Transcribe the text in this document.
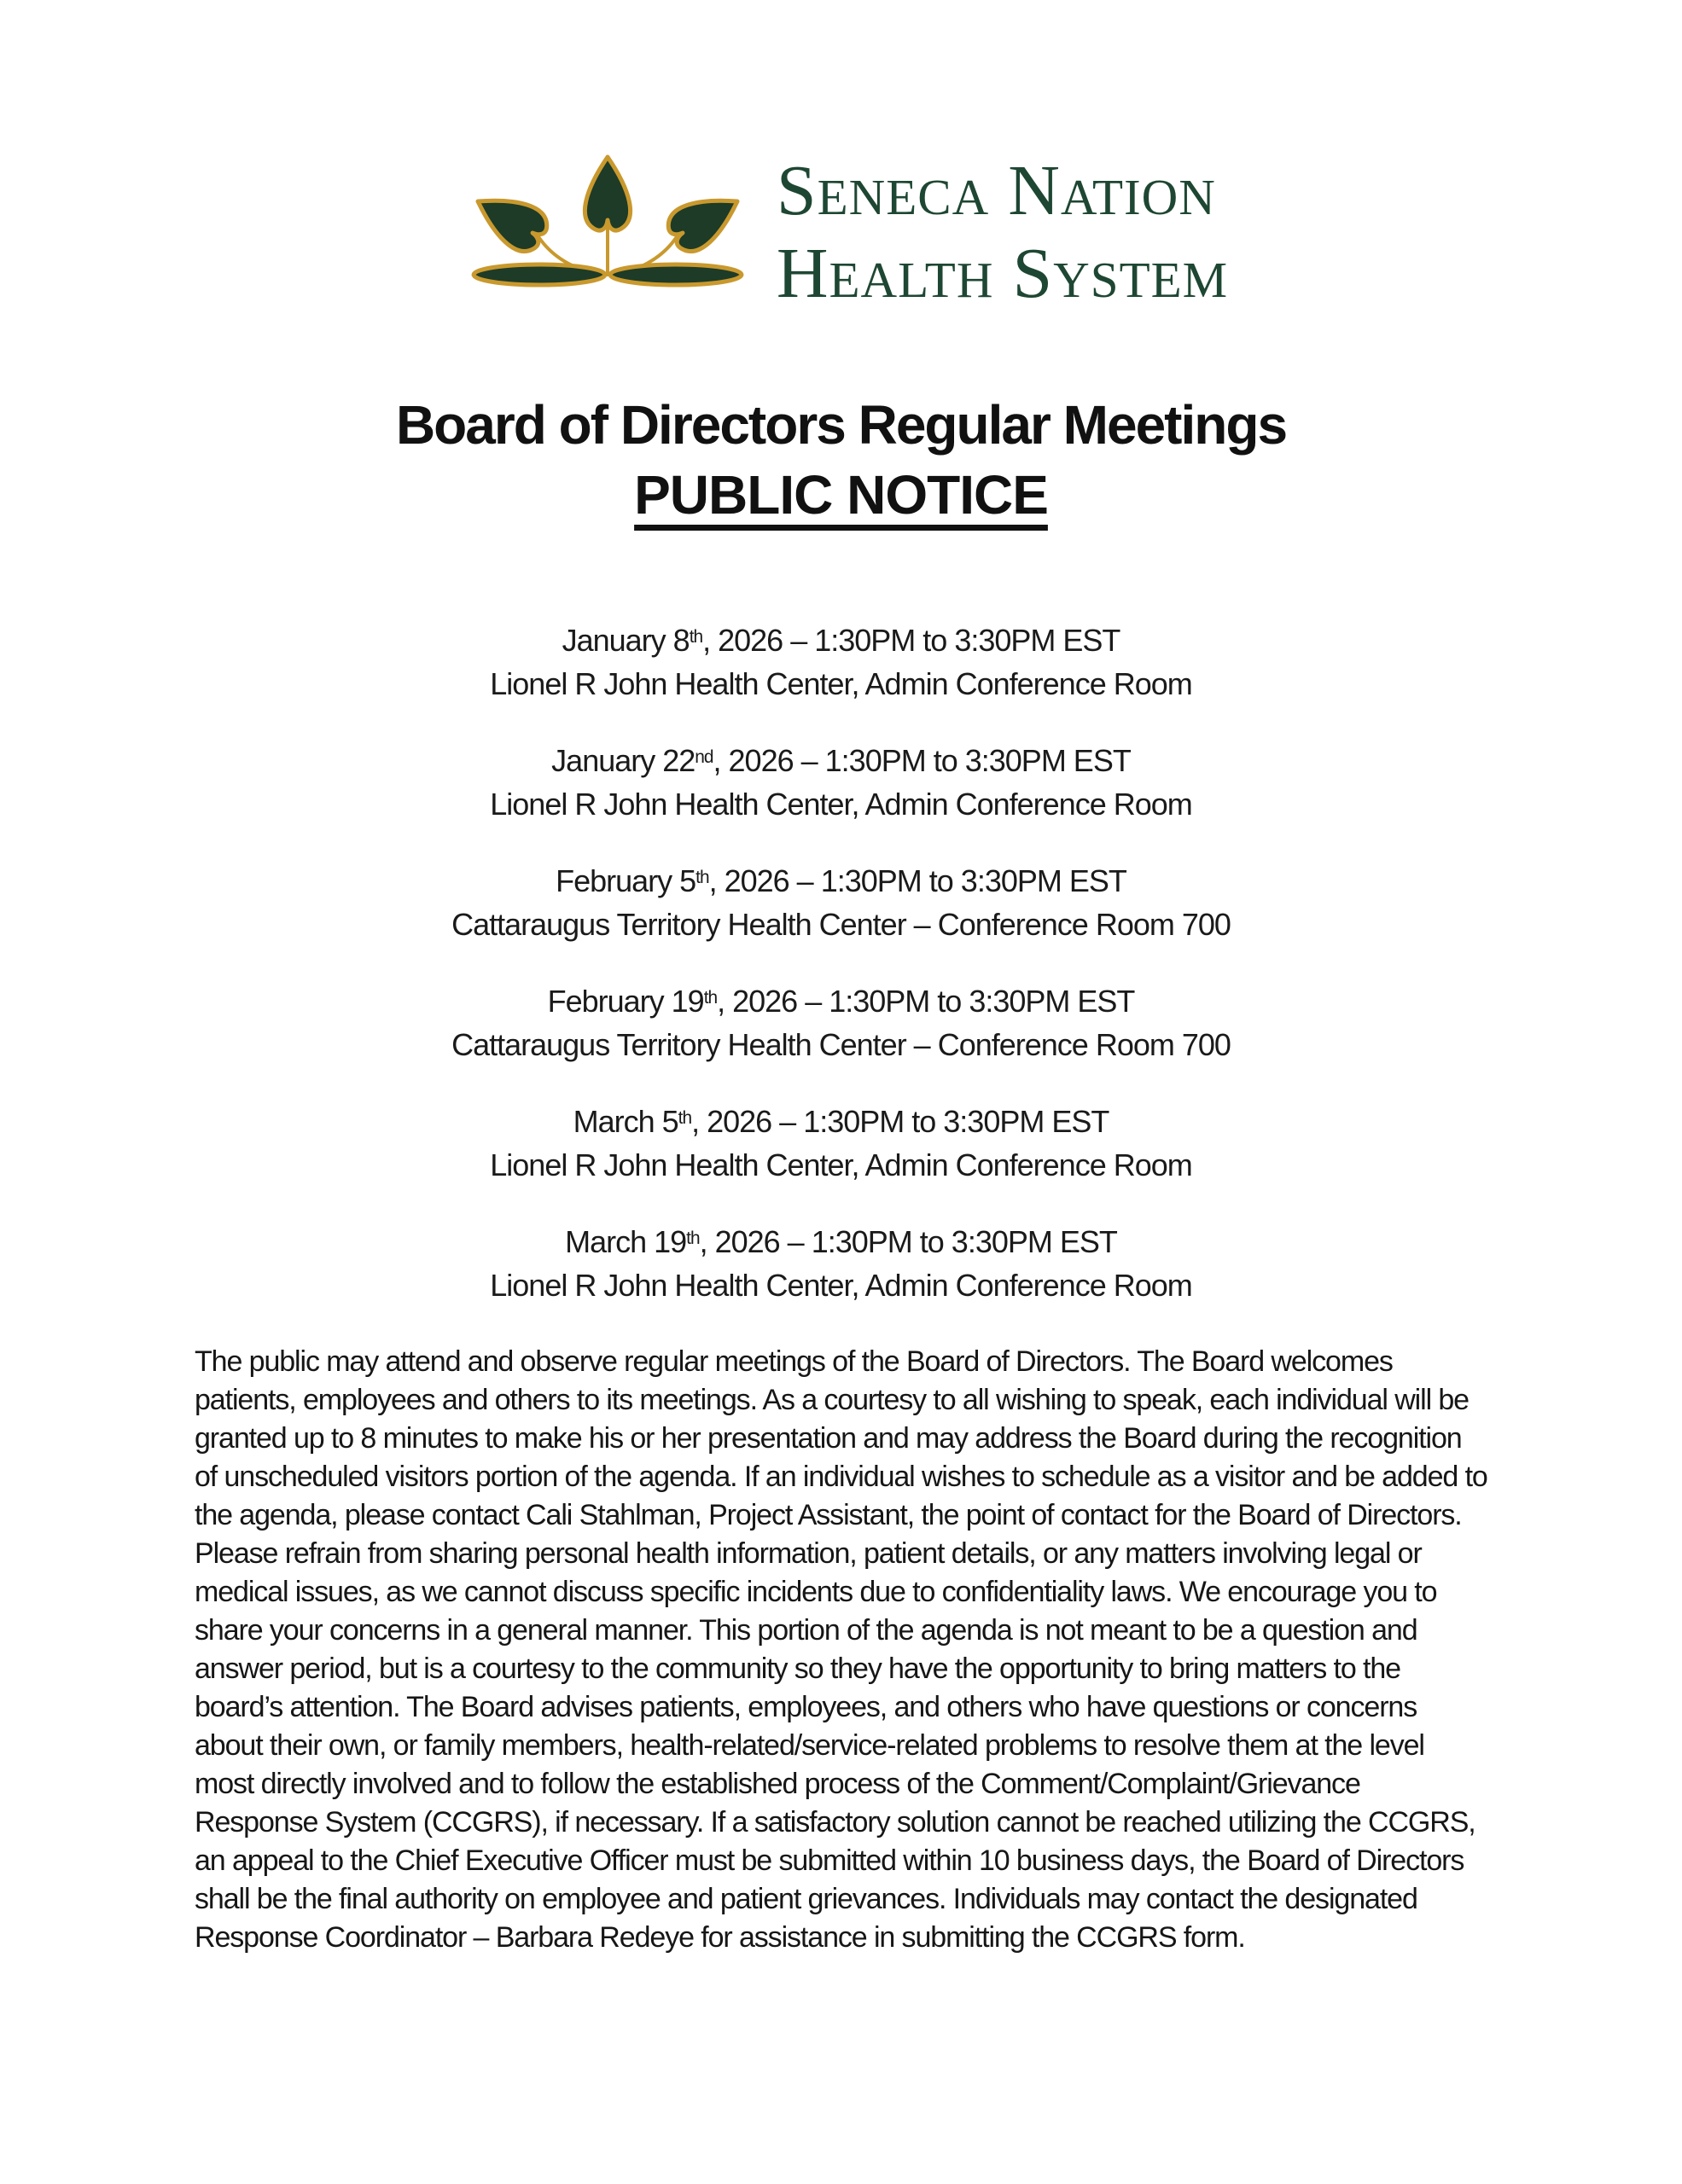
Seneca Nation
Health System
Board of Directors Regular Meetings
PUBLIC NOTICE
January 8th, 2026 – 1:30PM to 3:30PM EST
Lionel R John Health Center, Admin Conference Room
January 22nd, 2026 – 1:30PM to 3:30PM EST
Lionel R John Health Center, Admin Conference Room
February 5th, 2026 – 1:30PM to 3:30PM EST
Cattaraugus Territory Health Center – Conference Room 700
February 19th, 2026 – 1:30PM to 3:30PM EST
Cattaraugus Territory Health Center – Conference Room 700
March 5th, 2026 – 1:30PM to 3:30PM EST
Lionel R John Health Center, Admin Conference Room
March 19th, 2026 – 1:30PM to 3:30PM EST
Lionel R John Health Center, Admin Conference Room

The public may attend and observe regular meetings of the Board of Directors. The Board welcomes patients, employees and others to its meetings. As a courtesy to all wishing to speak, each individual will be granted up to 8 minutes to make his or her presentation and may address the Board during the recognition of unscheduled visitors portion of the agenda. If an individual wishes to schedule as a visitor and be added to the agenda, please contact Cali Stahlman, Project Assistant, the point of contact for the Board of Directors. Please refrain from sharing personal health information, patient details, or any matters involving legal or medical issues, as we cannot discuss specific incidents due to confidentiality laws. We encourage you to share your concerns in a general manner. This portion of the agenda is not meant to be a question and answer period, but is a courtesy to the community so they have the opportunity to bring matters to the board’s attention. The Board advises patients, employees, and others who have questions or concerns about their own, or family members, health-related/service-related problems to resolve them at the level most directly involved and to follow the established process of the Comment/Complaint/Grievance Response System (CCGRS), if necessary. If a satisfactory solution cannot be reached utilizing the CCGRS, an appeal to the Chief Executive Officer must be submitted within 10 business days, the Board of Directors shall be the final authority on employee and patient grievances. Individuals may contact the designated Response Coordinator – Barbara Redeye for assistance in submitting the CCGRS form.
